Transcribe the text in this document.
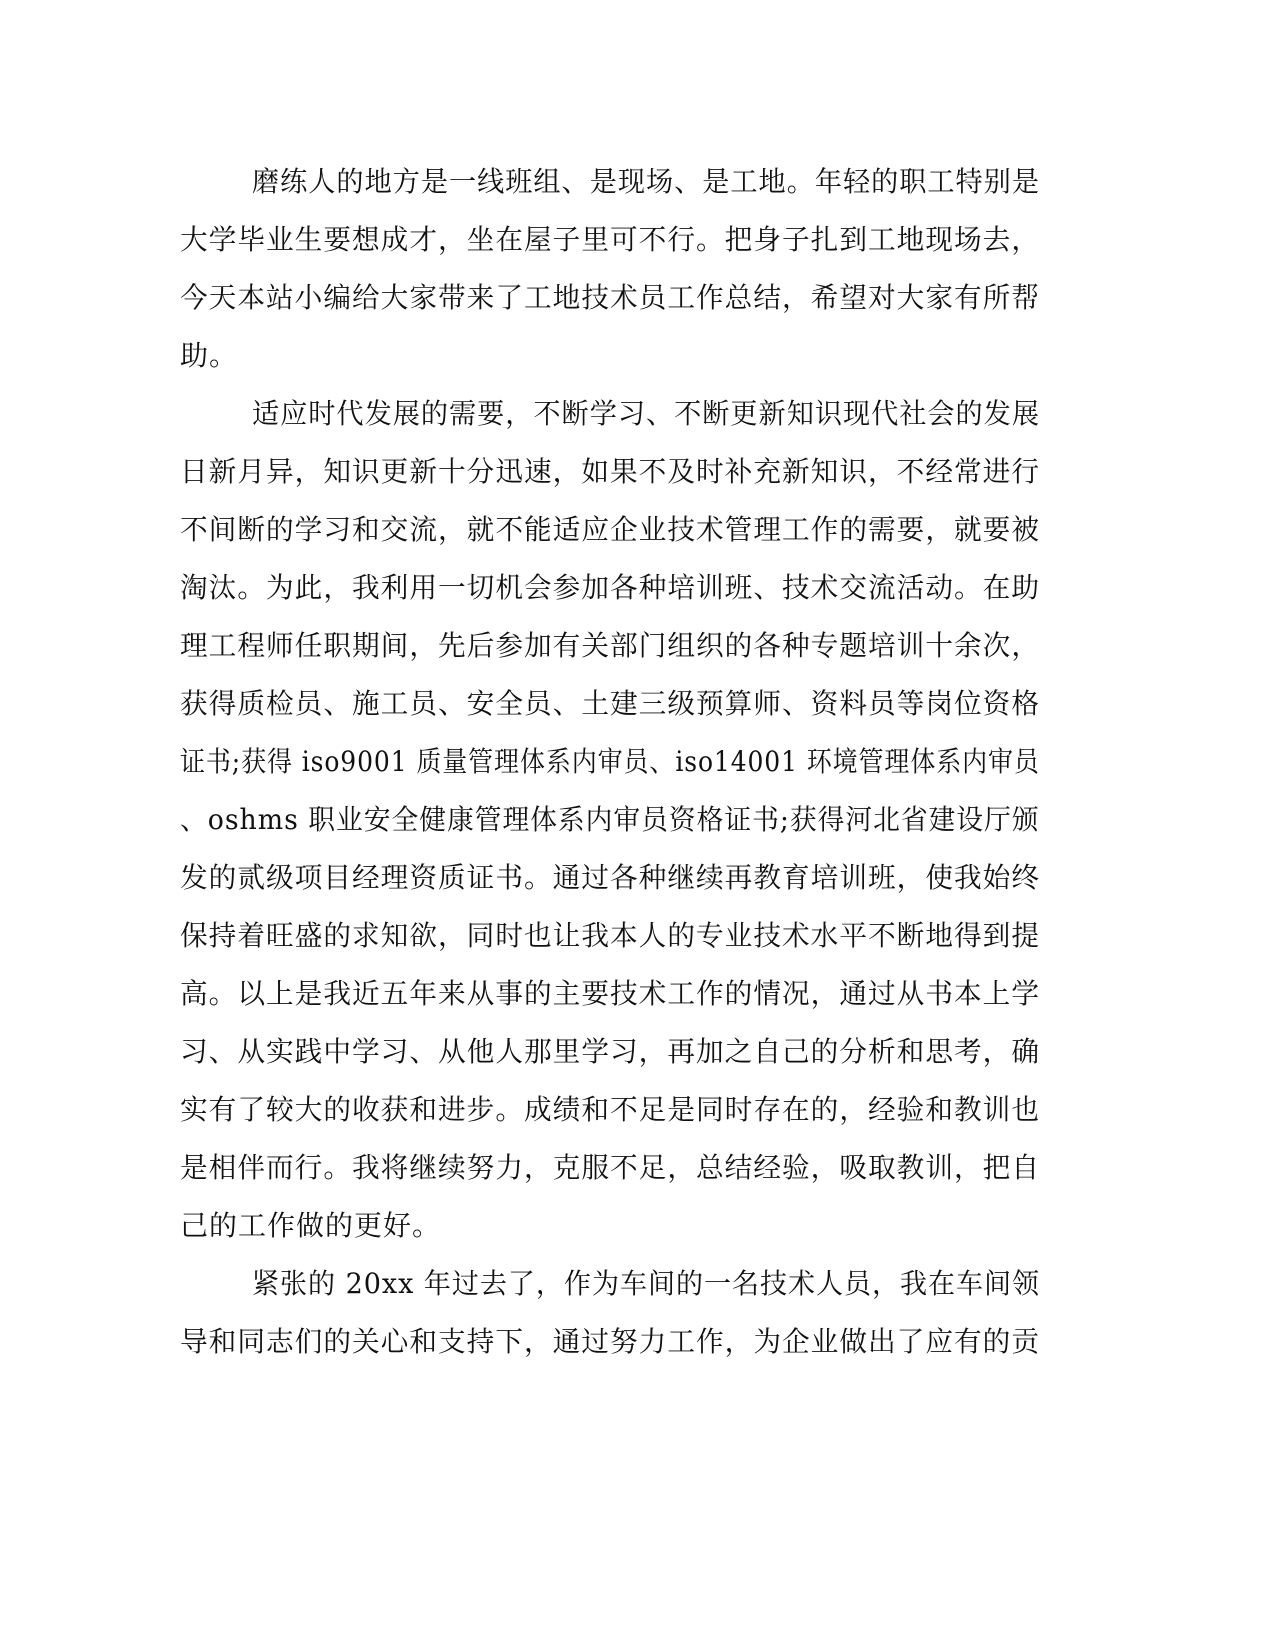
磨练人的地方是一线班组、是现场、是工地。年轻的职工特别是
大学毕业生要想成才，坐在屋子里可不行。把身子扎到工地现场去，
今天本站小编给大家带来了工地技术员工作总结，希望对大家有所帮
助。
适应时代发展的需要，不断学习、不断更新知识现代社会的发展
日新月异，知识更新十分迅速，如果不及时补充新知识，不经常进行
不间断的学习和交流，就不能适应企业技术管理工作的需要，就要被
淘汰。为此，我利用一切机会参加各种培训班、技术交流活动。在助
理工程师任职期间，先后参加有关部门组织的各种专题培训十余次，
获得质检员、施工员、安全员、土建三级预算师、资料员等岗位资格
证书;获得 iso9001 质量管理体系内审员、iso14001 环境管理体系内审员
、oshms 职业安全健康管理体系内审员资格证书;获得河北省建设厅颁
发的贰级项目经理资质证书。通过各种继续再教育培训班，使我始终
保持着旺盛的求知欲，同时也让我本人的专业技术水平不断地得到提
高。以上是我近五年来从事的主要技术工作的情况，通过从书本上学
习、从实践中学习、从他人那里学习，再加之自己的分析和思考，确
实有了较大的收获和进步。成绩和不足是同时存在的，经验和教训也
是相伴而行。我将继续努力，克服不足，总结经验，吸取教训，把自
己的工作做的更好。
紧张的 20xx 年过去了，作为车间的一名技术人员，我在车间领
导和同志们的关心和支持下，通过努力工作，为企业做出了应有的贡
